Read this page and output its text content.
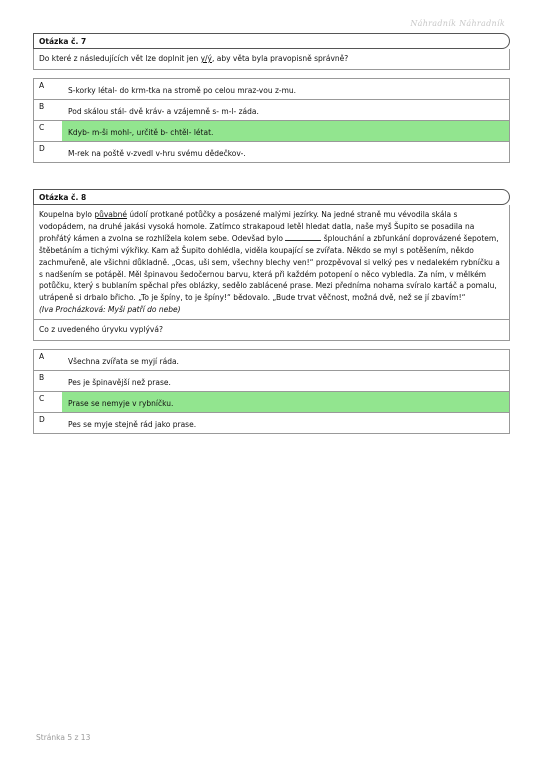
Náhradník Náhradník
Otázka č. 7
Do které z následujících vět lze doplnit jen y/ý, aby věta byla pravopisně správně?
A
S-korky létal- do krm-tka na stromě po celou mraz-vou z-mu.
B
Pod skálou stál- dvě kráv- a vzájemně s- m-l- záda.
C
Kdyb- m-ši mohl-, určitě b- chtěl- létat.
D
M-rek na poště v-zvedl v-hru svému dědečkov-.
Otázka č. 8
Koupelna bylo půvabné údolí protkané potůčky a posázené malými jezírky. Na jedné straně mu vévodila skála s vodopádem, na druhé jakási vysoká homole. Zatímco strakapoud letěl hledat datla, naše myš Šupito se posadila na prohřátý kámen a zvolna se rozhlížela kolem sebe. Odevšad bylo	šplouchání a zbľunkání doprovázené šepotem, štěbetáním a tichými výkřiky. Kam až Šupito dohlédla, viděla koupající se zvířata. Někdo se myl s potěšením, někdo zachmuřeně, ale všichni důkladně. „Ocas, uši sem, všechny blechy ven!“ prozpěvoval si velký pes v nedalekém rybníčku a s nadšením se potápěl. Měl špinavou šedočernou barvu, která při každém potopení o něco vybledla. Za ním, v mělkém potůčku, který s bublaním spěchal přes oblázky, sedělo zablácené prase. Mezi předníma nohama svíralo kartáč a pomalu, utrápeně si drbalo břicho. „To je špíny, to je špíny!“ bědovalo. „Bude trvat věčnost, možná dvě, než se jí zbavím!“
(Iva Procházková: Myši patří do nebe)
Co z uvedeného úryvku vyplývá?
A
Všechna zvířata se myjí ráda.
B
Pes je špinavější než prase.
C
Prase se nemyje v rybníčku.
D
Pes se myje stejně rád jako prase.
Stránka 5 z 13
